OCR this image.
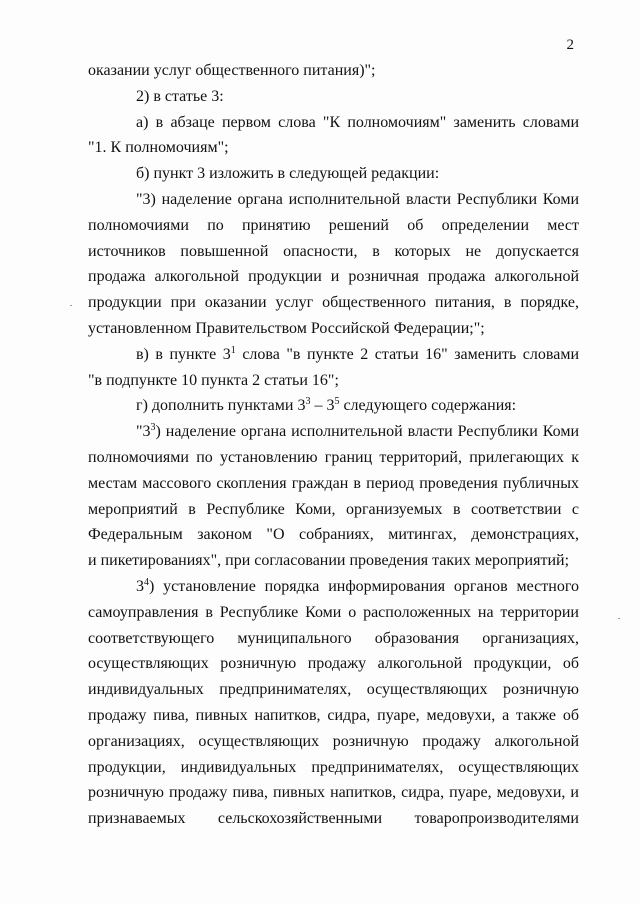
2
оказании услуг общественного питания)";
2) в статье 3:
а) в абзаце первом слова "К полномочиям" заменить словами
"1. К полномочиям";
б) пункт 3 изложить в следующей редакции:
"3) наделение органа исполнительной власти Республики Коми
полномочиями по принятию решений об определении мест
источников повышенной опасности, в которых не допускается
продажа алкогольной продукции и розничная продажа алкогольной
продукции при оказании услуг общественного питания, в порядке,
установленном Правительством Российской Федерации;";
в) в пункте $3^1$ слова "в пункте 2 статьи 16" заменить словами
"в подпункте 10 пункта 2 статьи 16";
г) дополнить пунктами $3^3 - 3^5$ следующего содержания:
"$3^3$) наделение органа исполнительной власти Республики Коми
полномочиями по установлению границ территорий, прилегающих к
местам массового скопления граждан в период проведения публичных
мероприятий в Республике Коми, организуемых в соответствии с
Федеральным законом "О собраниях, митингах, демонстрациях,
и пикетированиях", при согласовании проведения таких мероприятий;
$3^4$) установление порядка информирования органов местного
самоуправления в Республике Коми о расположенных на территории
соответствующего муниципального образования организациях,
осуществляющих розничную продажу алкогольной продукции, об
индивидуальных предпринимателях, осуществляющих розничную
продажу пива, пивных напитков, сидра, пуаре, медовухи, а также об
организациях, осуществляющих розничную продажу алкогольной
продукции, индивидуальных предпринимателях, осуществляющих
розничную продажу пива, пивных напитков, сидра, пуаре, медовухи, и
признаваемых сельскохозяйственными товаропроизводителями
